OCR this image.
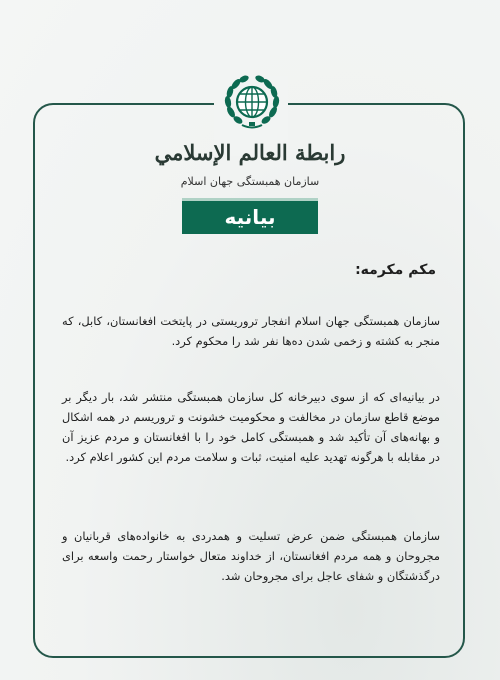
رابطة العالم الإسلامي
سازمان همبستگی جهان اسلام
بیانیه
مکم مکرمه:

سازمان همبستگی جهان اسلام انفجار تروریستی در پایتخت افغانستان، کابل، که منجر به کشته و زخمی شدن ده‌ها نفر شد را محکوم کرد.

در بیانیه‌ای که از سوی دبیرخانه کل سازمان همبستگی منتشر شد، بار دیگر بر موضع قاطع سازمان در مخالفت و محکومیت خشونت و تروریسم در همه اشکال و بهانه‌های آن تأکید شد و همبستگی کامل خود را با افغانستان و مردم عزیز آن در مقابله با هرگونه تهدید علیه امنیت، ثبات و سلامت مردم این کشور اعلام کرد.

سازمان همبستگی ضمن عرض تسلیت و همدردی به خانواده‌های قربانیان و مجروحان و همه مردم افغانستان، از خداوند متعال خواستار رحمت واسعه برای درگذشتگان و شفای عاجل برای مجروحان شد.
